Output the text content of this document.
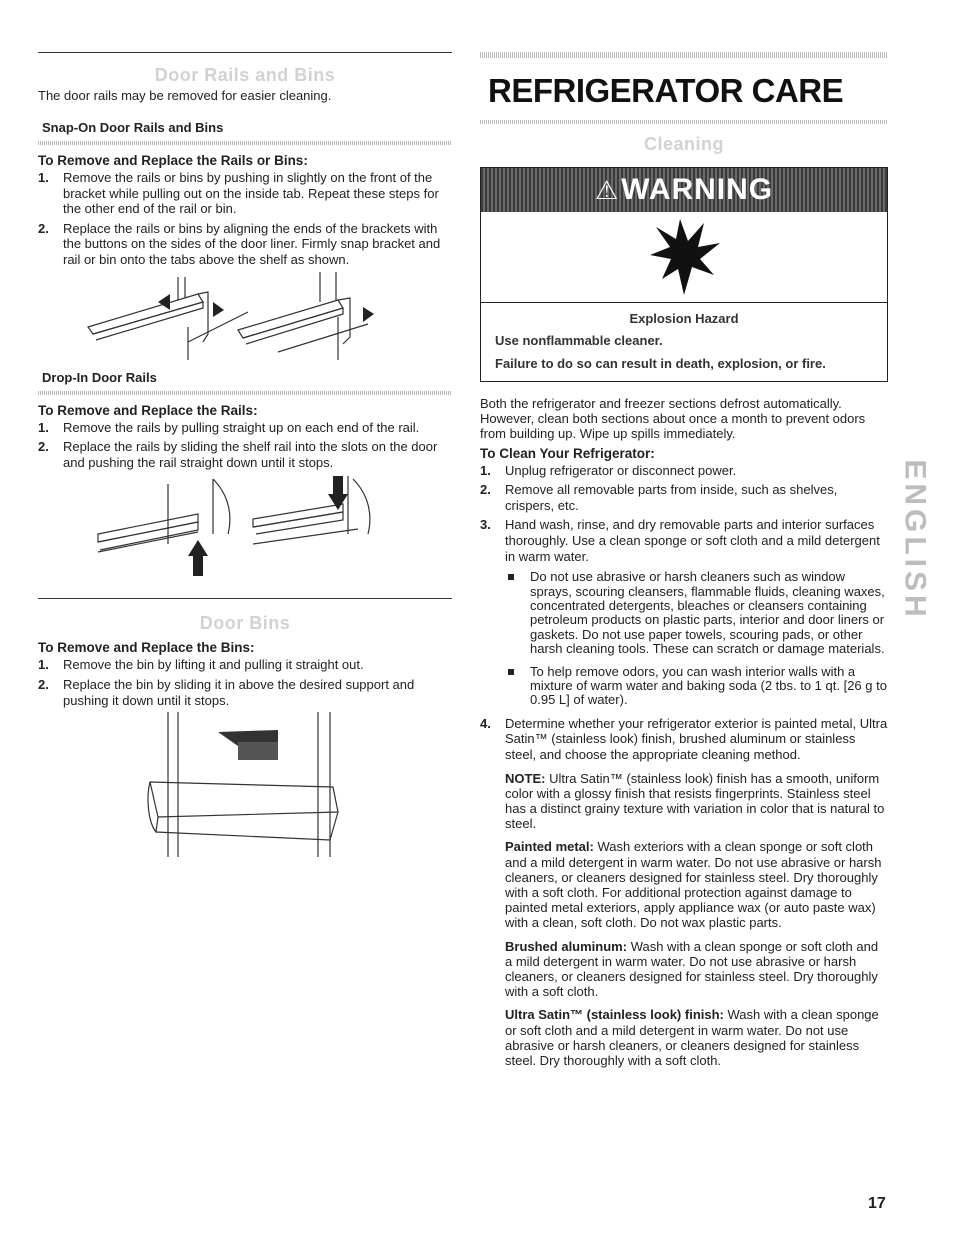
Door Rails and Bins

The door rails may be removed for easier cleaning.

Snap-On Door Rails and Bins
To Remove and Replace the Rails or Bins:
1. Remove the rails or bins by pushing in slightly on the front of the bracket while pulling out on the inside tab. Repeat these steps for the other end of the rail or bin.
2. Replace the rails or bins by aligning the ends of the brackets with the buttons on the sides of the door liner. Firmly snap bracket and rail or bin onto the tabs above the shelf as shown.
Drop-In Door Rails
To Remove and Replace the Rails:
1. Remove the rails by pulling straight up on each end of the rail.
2. Replace the rails by sliding the shelf rail into the slots on the door and pushing the rail straight down until it stops.
Door Bins
To Remove and Replace the Bins:
1. Remove the bin by lifting it and pulling it straight out.
2. Replace the bin by sliding it in above the desired support and pushing it down until it stops.
REFRIGERATOR CARE
Cleaning
⚠WARNING
Explosion Hazard
Use nonflammable cleaner.
Failure to do so can result in death, explosion, or fire.

Both the refrigerator and freezer sections defrost automatically. However, clean both sections about once a month to prevent odors from building up. Wipe up spills immediately.

To Clean Your Refrigerator:
1. Unplug refrigerator or disconnect power.
2. Remove all removable parts from inside, such as shelves, crispers, etc.
3. Hand wash, rinse, and dry removable parts and interior surfaces thoroughly. Use a clean sponge or soft cloth and a mild detergent in warm water.
Do not use abrasive or harsh cleaners such as window sprays, scouring cleansers, flammable fluids, cleaning waxes, concentrated detergents, bleaches or cleansers containing petroleum products on plastic parts, interior and door liners or gaskets. Do not use paper towels, scouring pads, or other harsh cleaning tools. These can scratch or damage materials.
To help remove odors, you can wash interior walls with a mixture of warm water and baking soda (2 tbs. to 1 qt. [26 g to 0.95 L] of water).
4. Determine whether your refrigerator exterior is painted metal, Ultra Satin™ (stainless look) finish, brushed aluminum or stainless steel, and choose the appropriate cleaning method.

NOTE: Ultra Satin™ (stainless look) finish has a smooth, uniform color with a glossy finish that resists fingerprints. Stainless steel has a distinct grainy texture with variation in color that is natural to steel.

Painted metal: Wash exteriors with a clean sponge or soft cloth and a mild detergent in warm water. Do not use abrasive or harsh cleaners, or cleaners designed for stainless steel. Dry thoroughly with a soft cloth. For additional protection against damage to painted metal exteriors, apply appliance wax (or auto paste wax) with a clean, soft cloth. Do not wax plastic parts.

Brushed aluminum: Wash with a clean sponge or soft cloth and a mild detergent in warm water. Do not use abrasive or harsh cleaners, or cleaners designed for stainless steel. Dry thoroughly with a soft cloth.

Ultra Satin™ (stainless look) finish: Wash with a clean sponge or soft cloth and a mild detergent in warm water. Do not use abrasive or harsh cleaners, or cleaners designed for stainless steel. Dry thoroughly with a soft cloth.

ENGLISH
17
